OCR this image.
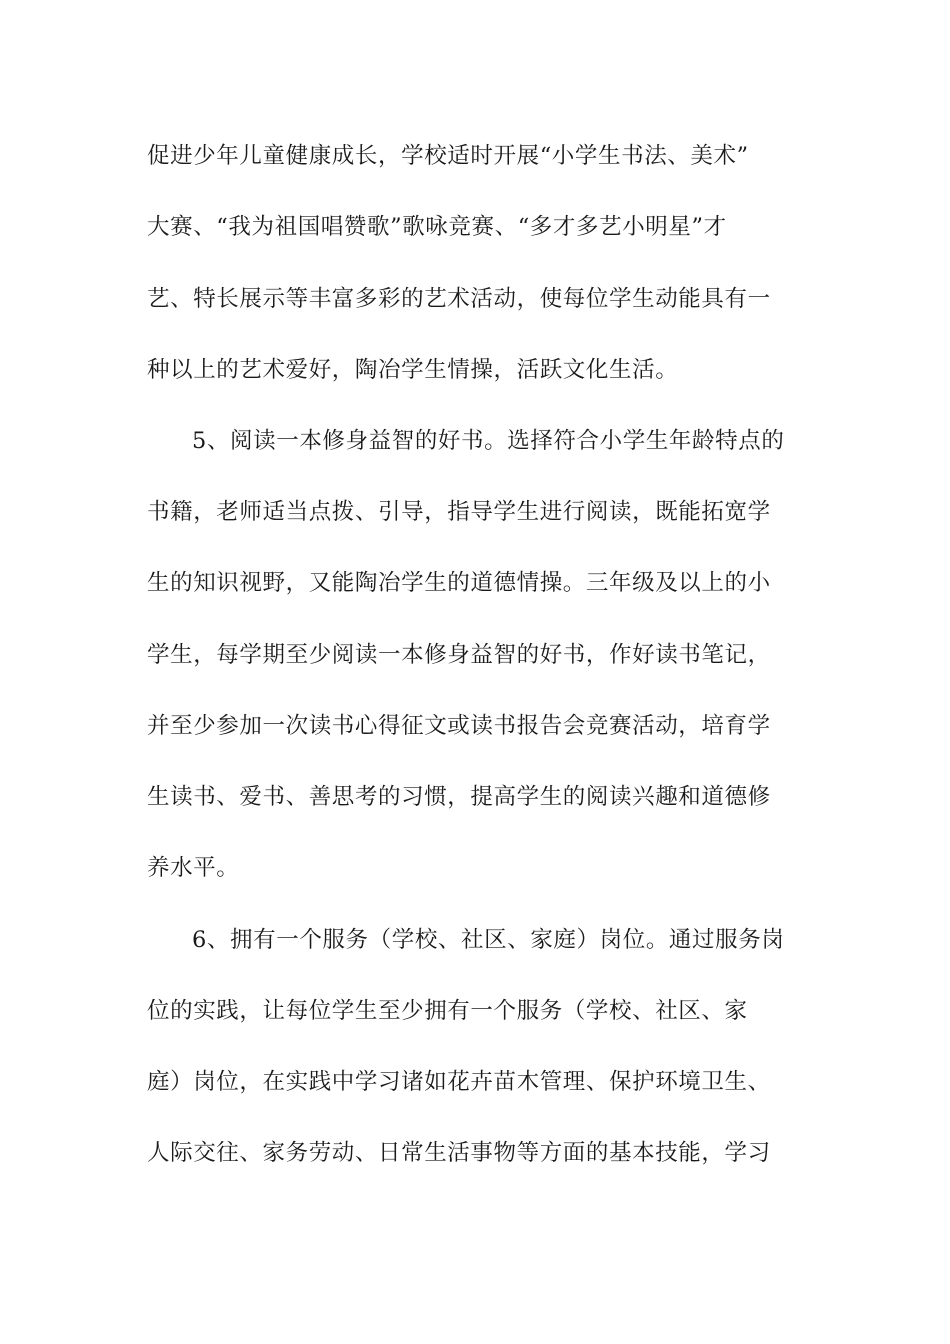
促进少年儿童健康成长，学校适时开展“小学生书法、美术”
大赛、“我为祖国唱赞歌”歌咏竞赛、“多才多艺小明星”才
艺、特长展示等丰富多彩的艺术活动，使每位学生动能具有一
种以上的艺术爱好，陶冶学生情操，活跃文化生活。
5、阅读一本修身益智的好书。选择符合小学生年龄特点的
书籍，老师适当点拨、引导，指导学生进行阅读，既能拓宽学
生的知识视野，又能陶冶学生的道德情操。三年级及以上的小
学生，每学期至少阅读一本修身益智的好书，作好读书笔记，
并至少参加一次读书心得征文或读书报告会竞赛活动，培育学
生读书、爱书、善思考的习惯，提高学生的阅读兴趣和道德修
养水平。
6、拥有一个服务（学校、社区、家庭）岗位。通过服务岗
位的实践，让每位学生至少拥有一个服务（学校、社区、家
庭）岗位，在实践中学习诸如花卉苗木管理、保护环境卫生、
人际交往、家务劳动、日常生活事物等方面的基本技能，学习
